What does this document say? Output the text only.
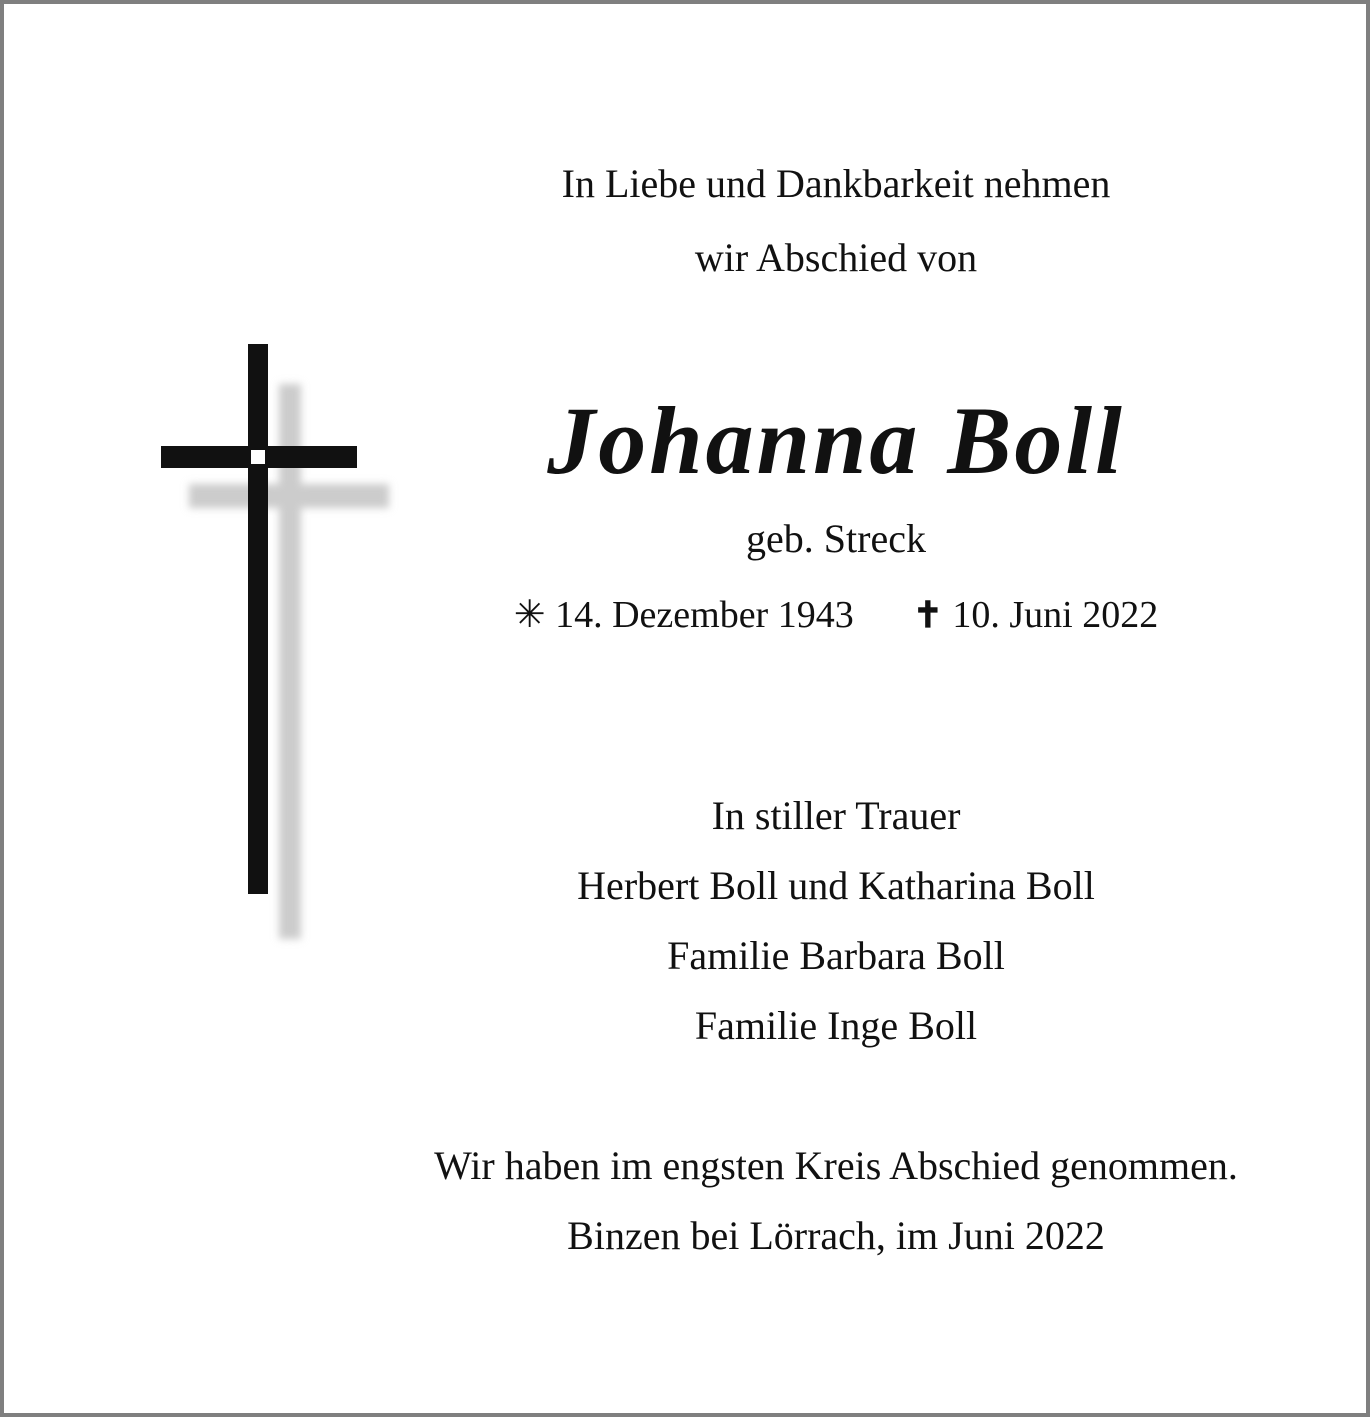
In Liebe und Dankbarkeit nehmen
wir Abschied von
Johanna Boll
geb. Streck
✳ 14. Dezember 1943 ✝ 10. Juni 2022
In stiller Trauer
Herbert Boll und Katharina Boll
Familie Barbara Boll
Familie Inge Boll
Wir haben im engsten Kreis Abschied genommen.
Binzen bei Lörrach, im Juni 2022
